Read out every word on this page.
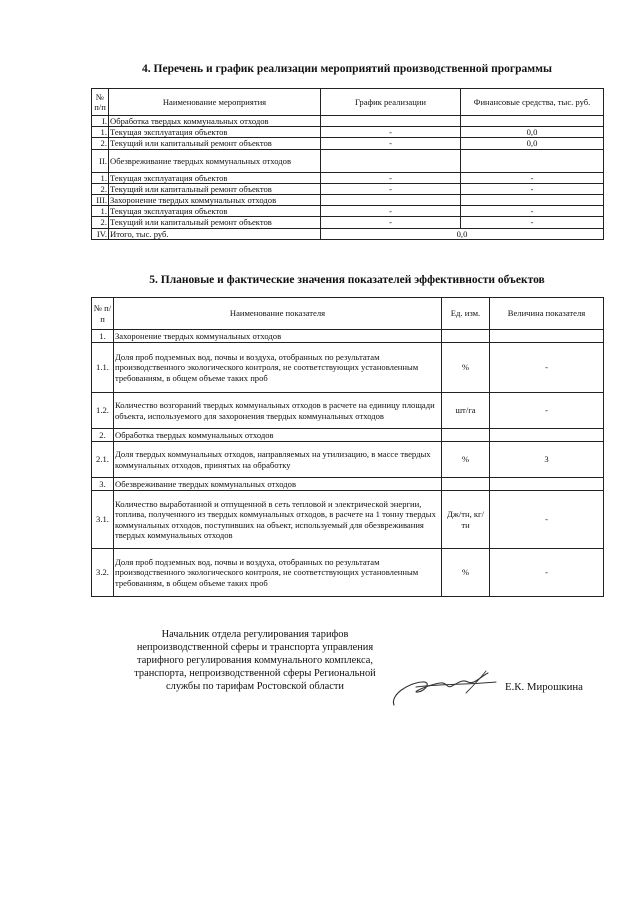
4. Перечень и график реализации мероприятий производственной программы
№ п/п	Наименование мероприятия	График реализации	Финансовые средства, тыс. руб.
I.	Обработка твердых коммунальных отходов		
1.	Текущая эксплуатация объектов	-	0,0
2.	Текущий или капитальный ремонт объектов	-	0,0
II.	Обезвреживание твердых коммунальных отходов		
1.	Текущая эксплуатация объектов	-	-
2.	Текущий или капитальный ремонт объектов	-	-
III.	Захоронение твердых коммунальных отходов		
1.	Текущая эксплуатация объектов	-	-
2.	Текущий или капитальный ремонт объектов	-	-
IV.	Итого, тыс. руб.	0,0	
5. Плановые и фактические значения показателей эффективности объектов
№ п/п	Наименование показателя	Ед. изм.	Величина показателя
1.	Захоронение твердых коммунальных отходов		
1.1.	Доля проб подземных вод, почвы и воздуха, отобранных по результатам производственного экологического контроля, не соответствующих установленным требованиям, в общем объеме таких проб	%	-
1.2.	Количество возгораний твердых коммунальных отходов в расчете на единицу площади объекта, используемого для захоронения твердых коммунальных отходов	шт/га	-
2.	Обработка твердых коммунальных отходов		
2.1.	Доля твердых коммунальных отходов, направляемых на утилизацию, в массе твердых коммунальных отходов, принятых на обработку	%	3
3.	Обезвреживание твердых коммунальных отходов		
3.1.	Количество выработанной и отпущенной в сеть тепловой и электрической энергии, топлива, полученного из твердых коммунальных отходов, в расчете на 1 тонну твердых коммунальных отходов, поступивших на объект, используемый для обезвреживания твердых коммунальных отходов	Дж/тн, кг/тн	-
3.2.	Доля проб подземных вод, почвы и воздуха, отобранных по результатам производственного экологического контроля, не соответствующих установленным требованиям, в общем объеме таких проб	%	-
Начальник отдела регулирования тарифов
непроизводственной сферы и транспорта управления
тарифного регулирования коммунального комплекса,
транспорта, непроизводственной сферы Региональной
службы по тарифам Ростовской области	Е.К. Мирошкина
